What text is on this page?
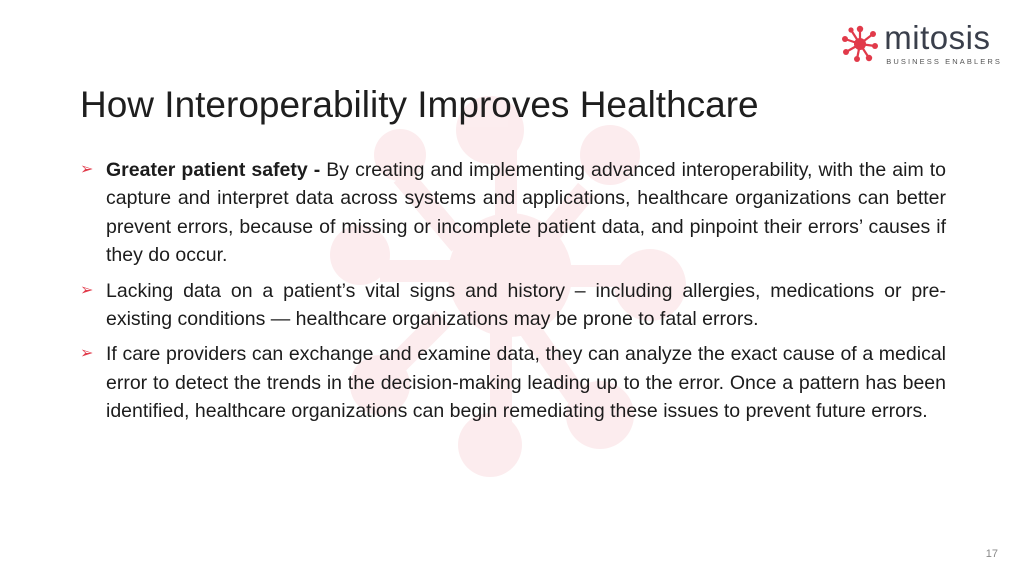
mitosis
BUSINESS ENABLERS
How Interoperability Improves Healthcare
➢ Greater patient safety - By creating and implementing advanced interoperability, with the aim to capture and interpret data across systems and applications, healthcare organizations can better prevent errors, because of missing or incomplete patient data, and pinpoint their errors’ causes if they do occur.
➢ Lacking data on a patient’s vital signs and history – including allergies, medications or pre-existing conditions — healthcare organizations may be prone to fatal errors.
➢ If care providers can exchange and examine data, they can analyze the exact cause of a medical error to detect the trends in the decision-making leading up to the error. Once a pattern has been identified, healthcare organizations can begin remediating these issues to prevent future errors.
17
